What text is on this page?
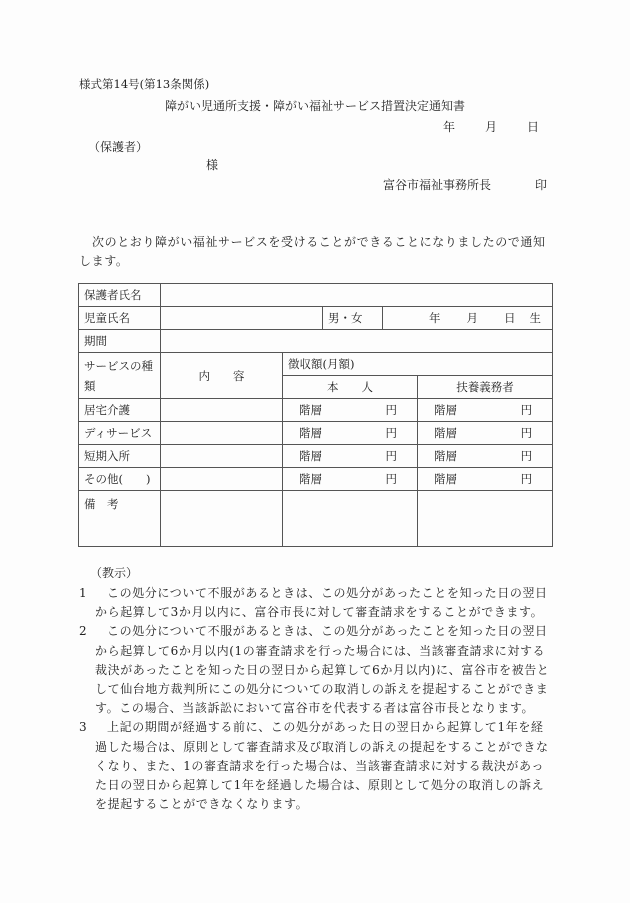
様式第14号(第13条関係)
障がい児通所支援・障がい福祉サービス措置決定通知書
年	月	日
（保護者）
様
富谷市福祉事務所長	印
次のとおり障がい福祉サービスを受けることができることになりましたので通知します。
保護者氏名					
児童氏名			男・女	年 月 日 生	
期間					
サービスの種類	内　　容	徴収額(月額)			
		本　　人			扶養義務者
居宅介護		階層 円			階層 円

ディサービス		階層 円			階層 円

短期入所		階層 円			階層 円

その他(　　)		階層 円			階層 円

備　考					
（教示）
1	この処分について不服があるときは、この処分があったことを知った日の翌日から起算して3か月以内に、富谷市長に対して審査請求をすることができます。
2	この処分について不服があるときは、この処分があったことを知った日の翌日から起算して6か月以内(1の審査請求を行った場合には、当該審査請求に対する裁決があったことを知った日の翌日から起算して6か月以内)に、富谷市を被告として仙台地方裁判所にこの処分についての取消しの訴えを提起することができます。この場合、当該訴訟において富谷市を代表する者は富谷市長となります。
3	上記の期間が経過する前に、この処分があった日の翌日から起算して1年を経過した場合は、原則として審査請求及び取消しの訴えの提起をすることができなくなり、また、1の審査請求を行った場合は、当該審査請求に対する裁決があった日の翌日から起算して1年を経過した場合は、原則として処分の取消しの訴えを提起することができなくなります。
